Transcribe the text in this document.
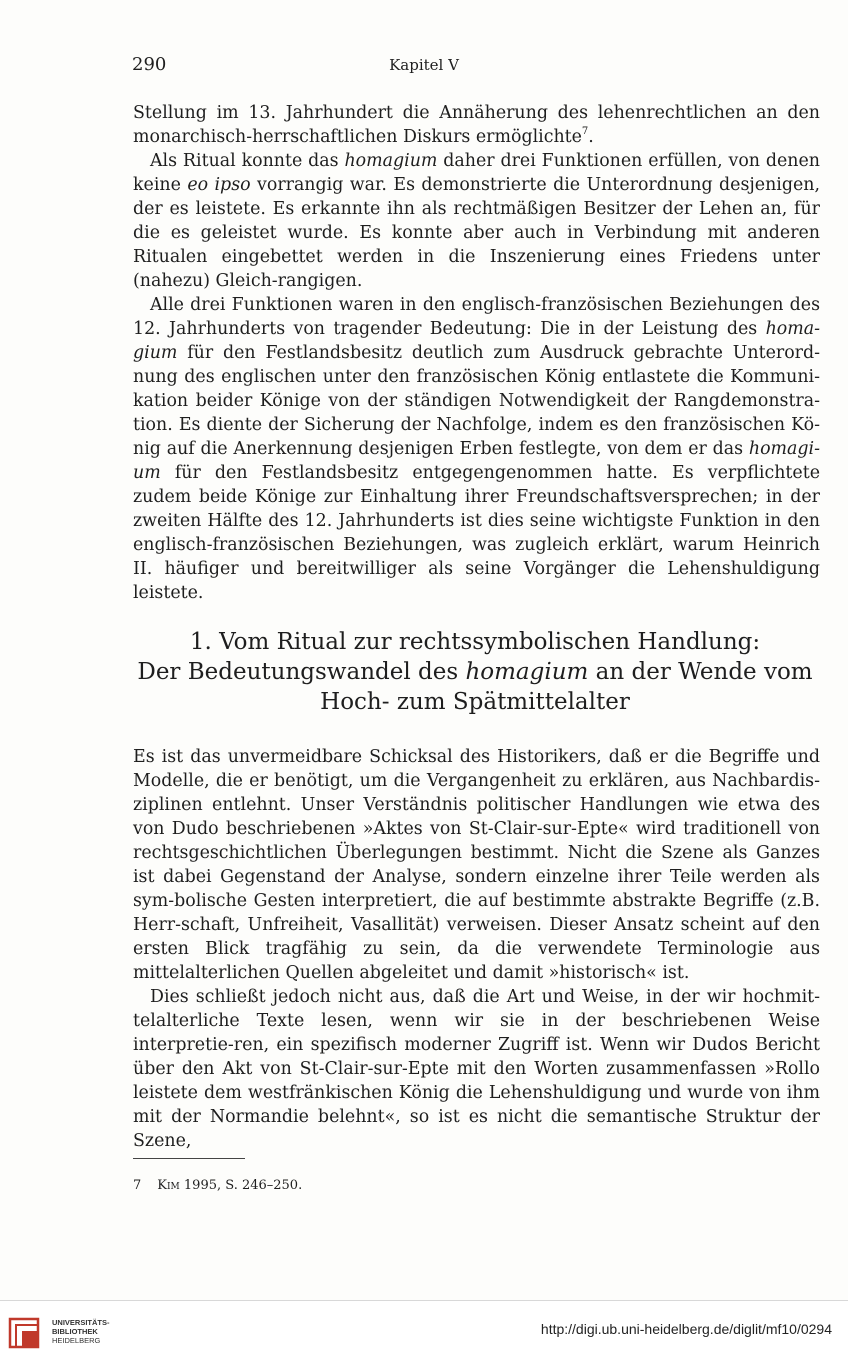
290	Kapitel V

Stellung im 13. Jahrhundert die Annäherung des lehenrechtlichen an den monarchisch-herrschaftlichen Diskurs ermöglichte$^7$.

Als Ritual konnte das homagium daher drei Funktionen erfüllen, von denen keine eo ipso vorrangig war. Es demonstrierte die Unterordnung desjenigen, der es leistete. Es erkannte ihn als rechtmäßigen Besitzer der Lehen an, für die es geleistet wurde. Es konnte aber auch in Verbindung mit anderen Ritualen eingebettet werden in die Inszenierung eines Friedens unter (nahezu) Gleich-rangigen.

Alle drei Funktionen waren in den englisch-französischen Beziehungen des 12. Jahrhunderts von tragender Bedeutung: Die in der Leistung des homa-gium für den Festlandsbesitz deutlich zum Ausdruck gebrachte Unterord-nung des englischen unter den französischen König entlastete die Kommuni-kation beider Könige von der ständigen Notwendigkeit der Rangdemonstra-tion. Es diente der Sicherung der Nachfolge, indem es den französischen Kö-nig auf die Anerkennung desjenigen Erben festlegte, von dem er das homagi-um für den Festlandsbesitz entgegengenommen hatte. Es verpflichtete zudem beide Könige zur Einhaltung ihrer Freundschaftsversprechen; in der zweiten Hälfte des 12. Jahrhunderts ist dies seine wichtigste Funktion in den englisch-französischen Beziehungen, was zugleich erklärt, warum Heinrich II. häufiger und bereitwilliger als seine Vorgänger die Lehenshuldigung leistete.

1. Vom Ritual zur rechtssymbolischen Handlung:
Der Bedeutungswandel des homagium an der Wende vom
Hoch- zum Spätmittelalter

Es ist das unvermeidbare Schicksal des Historikers, daß er die Begriffe und Modelle, die er benötigt, um die Vergangenheit zu erklären, aus Nachbardis-ziplinen entlehnt. Unser Verständnis politischer Handlungen wie etwa des von Dudo beschriebenen »Aktes von St-Clair-sur-Epte« wird traditionell von rechtsgeschichtlichen Überlegungen bestimmt. Nicht die Szene als Ganzes ist dabei Gegenstand der Analyse, sondern einzelne ihrer Teile werden als sym-bolische Gesten interpretiert, die auf bestimmte abstrakte Begriffe (z.B. Herr-schaft, Unfreiheit, Vasallität) verweisen. Dieser Ansatz scheint auf den ersten Blick tragfähig zu sein, da die verwendete Terminologie aus mittelalterlichen Quellen abgeleitet und damit »historisch« ist.

Dies schließt jedoch nicht aus, daß die Art und Weise, in der wir hochmit-telalterliche Texte lesen, wenn wir sie in der beschriebenen Weise interpretie-ren, ein spezifisch moderner Zugriff ist. Wenn wir Dudos Bericht über den Akt von St-Clair-sur-Epte mit den Worten zusammenfassen »Rollo leistete dem westfränkischen König die Lehenshuldigung und wurde von ihm mit der Normandie belehnt«, so ist es nicht die semantische Struktur der Szene,

7 Kim 1995, S. 246–250.
UNIVERSITÄTS-
BIBLIOTHEK
HEIDELBERG
http://digi.ub.uni-heidelberg.de/diglit/mf10/0294
